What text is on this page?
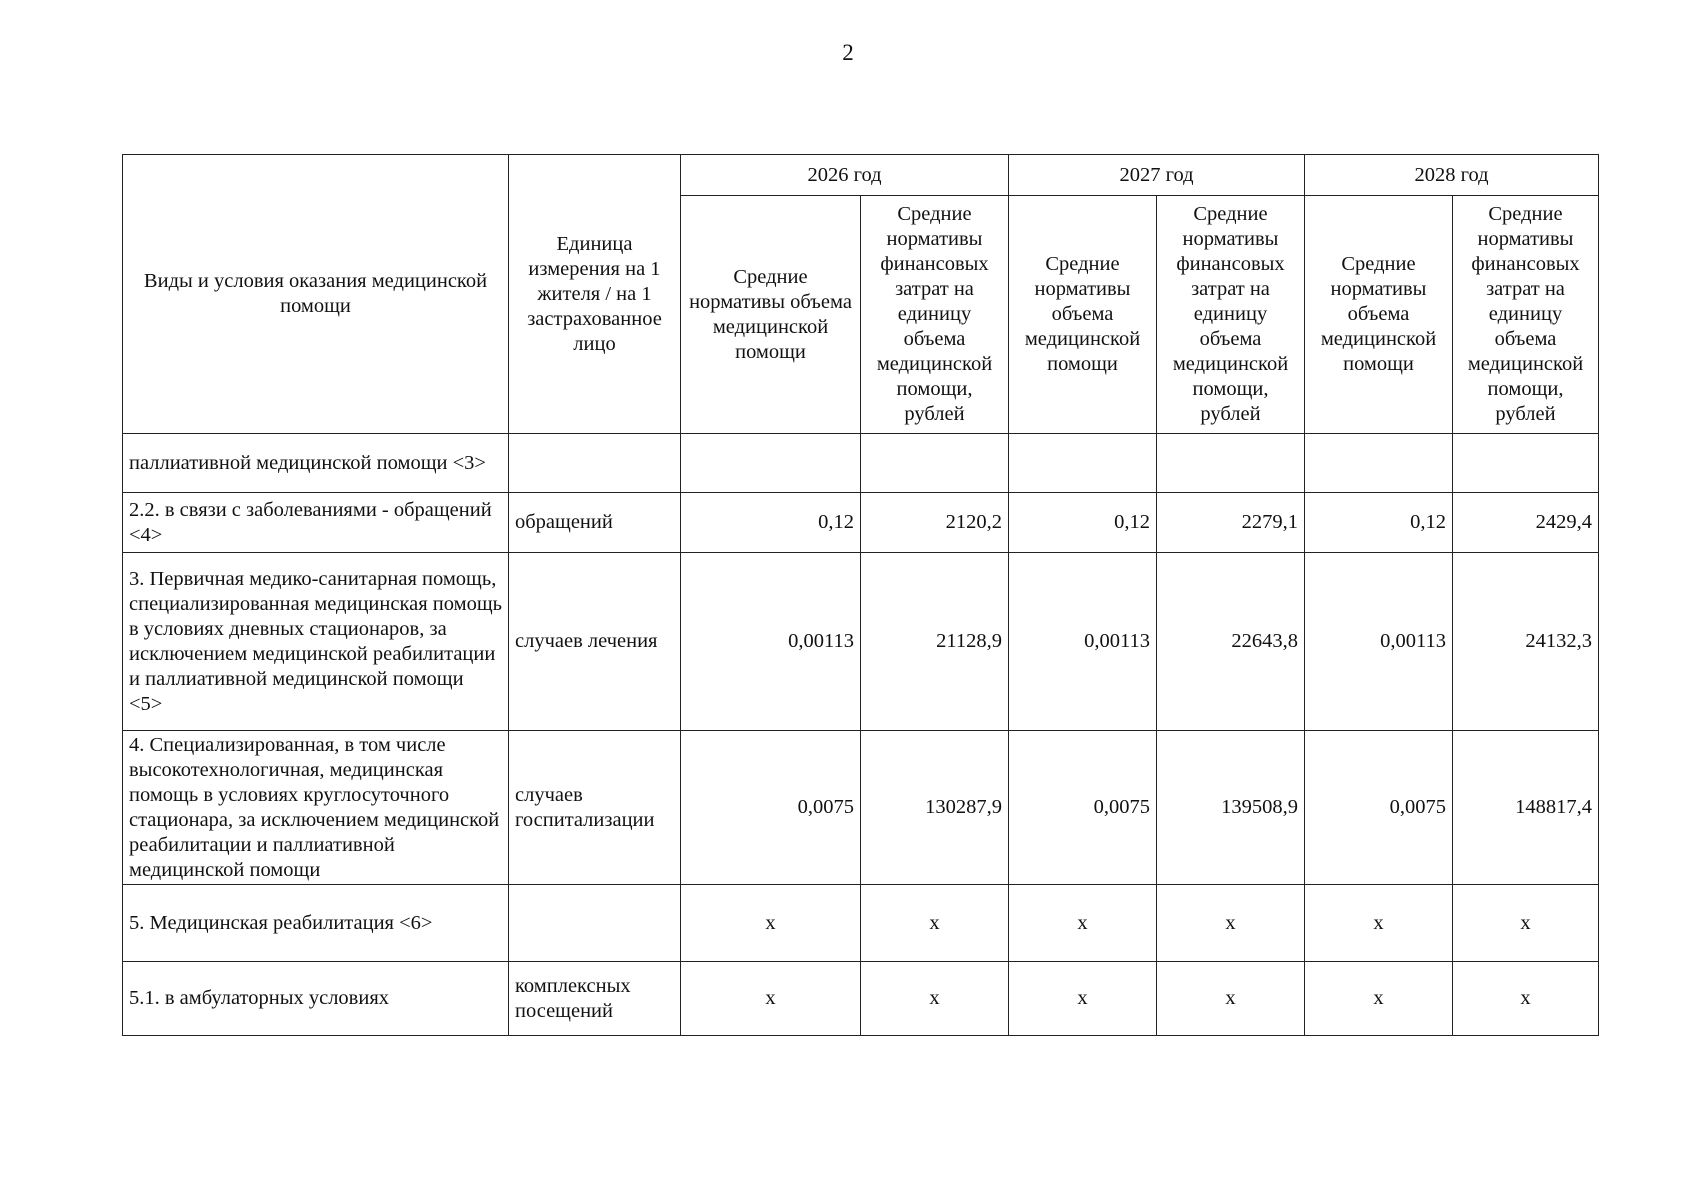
2
Виды и условия оказания медицинской помощи	Единица измерения на 1 жителя / на 1 застрахованное лицо	2026 год		2027 год		2028 год	
		Средние нормативы объема медицинской помощи	Средние нормативы финансовых затрат на единицу объема медицинской помощи, рублей	Средние нормативы объема медицинской помощи	Средние нормативы финансовых затрат на единицу объема медицинской помощи, рублей	Средние нормативы объема медицинской помощи	Средние нормативы финансовых затрат на единицу объема медицинской помощи, рублей
паллиативной медицинской помощи <3>							
2.2. в связи с заболеваниями - обращений <4>	обращений	0,12	2120,2	0,12	2279,1	0,12	2429,4
3. Первичная медико-санитарная помощь, специализированная медицинская помощь в условиях дневных стационаров, за исключением медицинской реабилитации и паллиативной медицинской помощи <5>	случаев лечения	0,00113	21128,9	0,00113	22643,8	0,00113	24132,3
4. Специализированная, в том числе высокотехнологичная, медицинская помощь в условиях круглосуточного стационара, за исключением медицинской реабилитации и паллиативной медицинской помощи	случаев госпитализации	0,0075	130287,9	0,0075	139508,9	0,0075	148817,4
5. Медицинская реабилитация <6>		x	x	x	x	x	x
5.1. в амбулаторных условиях	комплексных посещений	x	x	x	x	x	x
